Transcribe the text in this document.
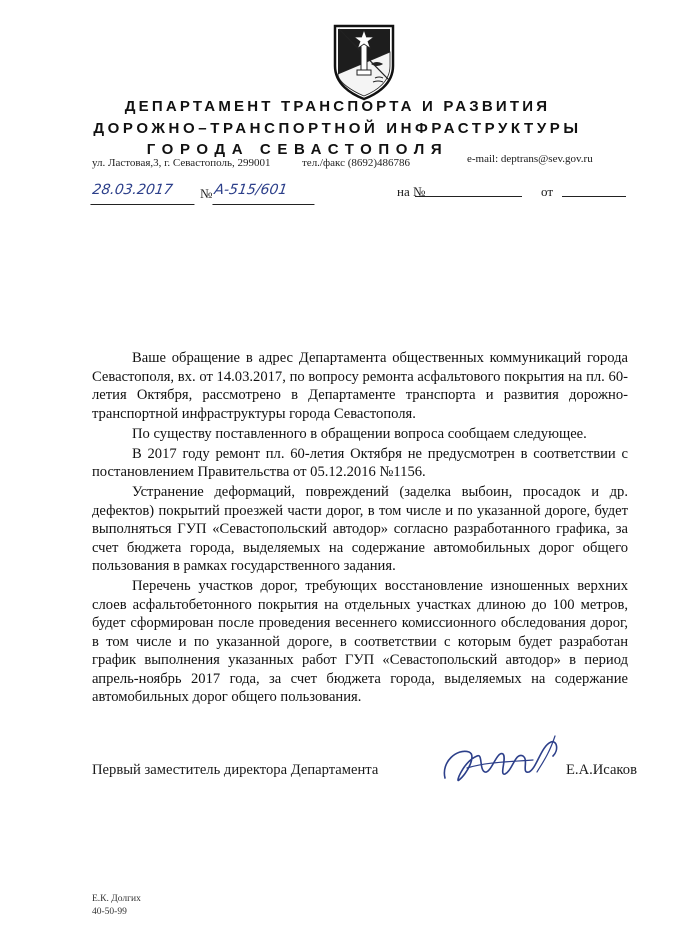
ДЕПАРТАМЕНТ ТРАНСПОРТА И РАЗВИТИЯ
ДОРОЖНО–ТРАНСПОРТНОЙ ИНФРАСТРУКТУРЫ
ГОРОДА СЕВАСТОПОЛЯ
ул. Ластовая,3, г. Севастополь, 299001	тел./факс (8692)486786	e-mail: deptrans@sev.gov.ru
28.03.2017	№ А-515/601	на №	от

Ваше обращение в адрес Департамента общественных коммуникаций города Севастополя, вх. от 14.03.2017, по вопросу ремонта асфальтового покрытия на пл. 60-летия Октября, рассмотрено в Департаменте транспорта и развития дорожно-транспортной инфраструктуры города Севастополя.

По существу поставленного в обращении вопроса сообщаем следующее.

В 2017 году ремонт пл. 60-летия Октября не предусмотрен в соответствии с постановлением Правительства от 05.12.2016 №1156.

Устранение деформаций, повреждений (заделка выбоин, просадок и др. дефектов) покрытий проезжей части дорог, в том числе и по указанной дороге, будет выполняться ГУП «Севастопольский автодор» согласно разработанного графика, за счет бюджета города, выделяемых на содержание автомобильных дорог общего пользования в рамках государственного задания.

Перечень участков дорог, требующих восстановление изношенных верхних слоев асфальтобетонного покрытия на отдельных участках длиною до 100 метров, будет сформирован после проведения весеннего комиссионного обследования дорог, в том числе и по указанной дороге, в соответствии с которым будет разработан график выполнения указанных работ ГУП «Севастопольский автодор» в период апрель-ноябрь 2017 года, за счет бюджета города, выделяемых на содержание автомобильных дорог общего пользования.

Первый заместитель директора Департамента	Е.А.Исаков
Е.К. Долгих
40-50-99
